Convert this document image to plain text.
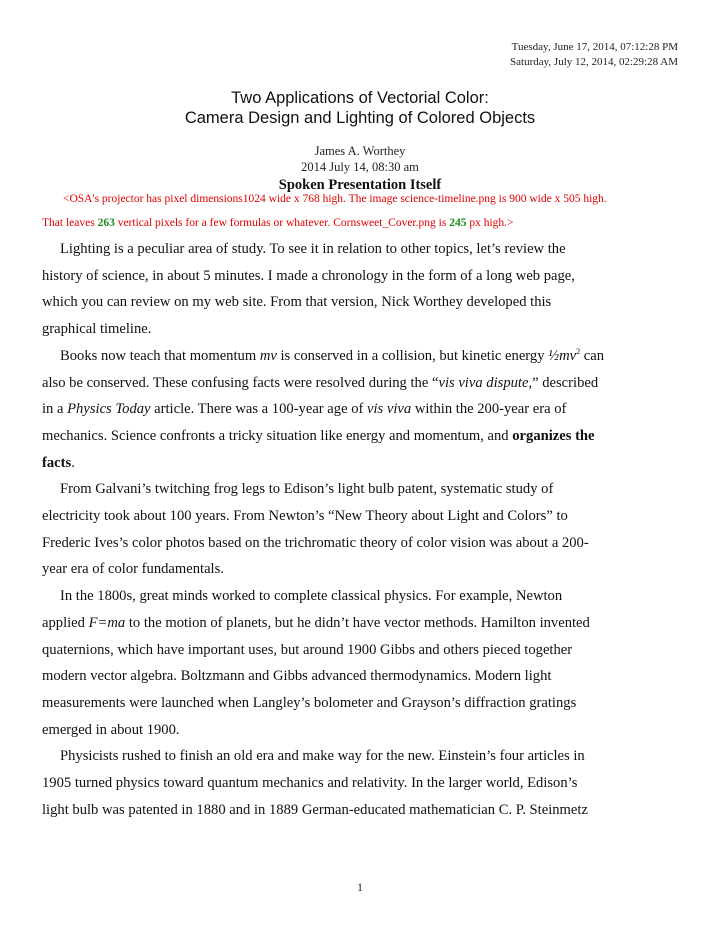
Tuesday, June 17, 2014, 07:12:28 PM
Saturday, July 12, 2014, 02:29:28 AM
Two Applications of Vectorial Color:
Camera Design and Lighting of Colored Objects
James A. Worthey
2014 July 14, 08:30 am
Spoken Presentation Itself
<OSA's projector has pixel dimensions1024 wide x 768 high. The image science-timeline.png is 900 wide x 505 high.
That leaves 263 vertical pixels for a few formulas or whatever. Cornsweet_Cover.png is 245 px high.>

Lighting is a peculiar area of study. To see it in relation to other topics, let’s review the
history of science, in about 5 minutes. I made a chronology in the form of a long web page,
which you can review on my web site. From that version, Nick Worthey developed this
graphical timeline.

Books now teach that momentum mv is conserved in a collision, but kinetic energy $\frac{1}{2}mv^2$ can
also be conserved. These confusing facts were resolved during the “vis viva dispute,” described
in a Physics Today article. There was a 100-year age of vis viva within the 200-year era of
mechanics. Science confronts a tricky situation like energy and momentum, and organizes the
facts.

From Galvani’s twitching frog legs to Edison’s light bulb patent, systematic study of
electricity took about 100 years. From Newton’s “New Theory about Light and Colors” to
Frederic Ives’s color photos based on the trichromatic theory of color vision was about a 200-
year era of color fundamentals.

In the 1800s, great minds worked to complete classical physics. For example, Newton
applied F=ma to the motion of planets, but he didn’t have vector methods. Hamilton invented
quaternions, which have important uses, but around 1900 Gibbs and others pieced together
modern vector algebra. Boltzmann and Gibbs advanced thermodynamics. Modern light
measurements were launched when Langley’s bolometer and Grayson’s diffraction gratings
emerged in about 1900.

Physicists rushed to finish an old era and make way for the new. Einstein’s four articles in
1905 turned physics toward quantum mechanics and relativity. In the larger world, Edison’s
light bulb was patented in 1880 and in 1889 German-educated mathematician C. P. Steinmetz

1
